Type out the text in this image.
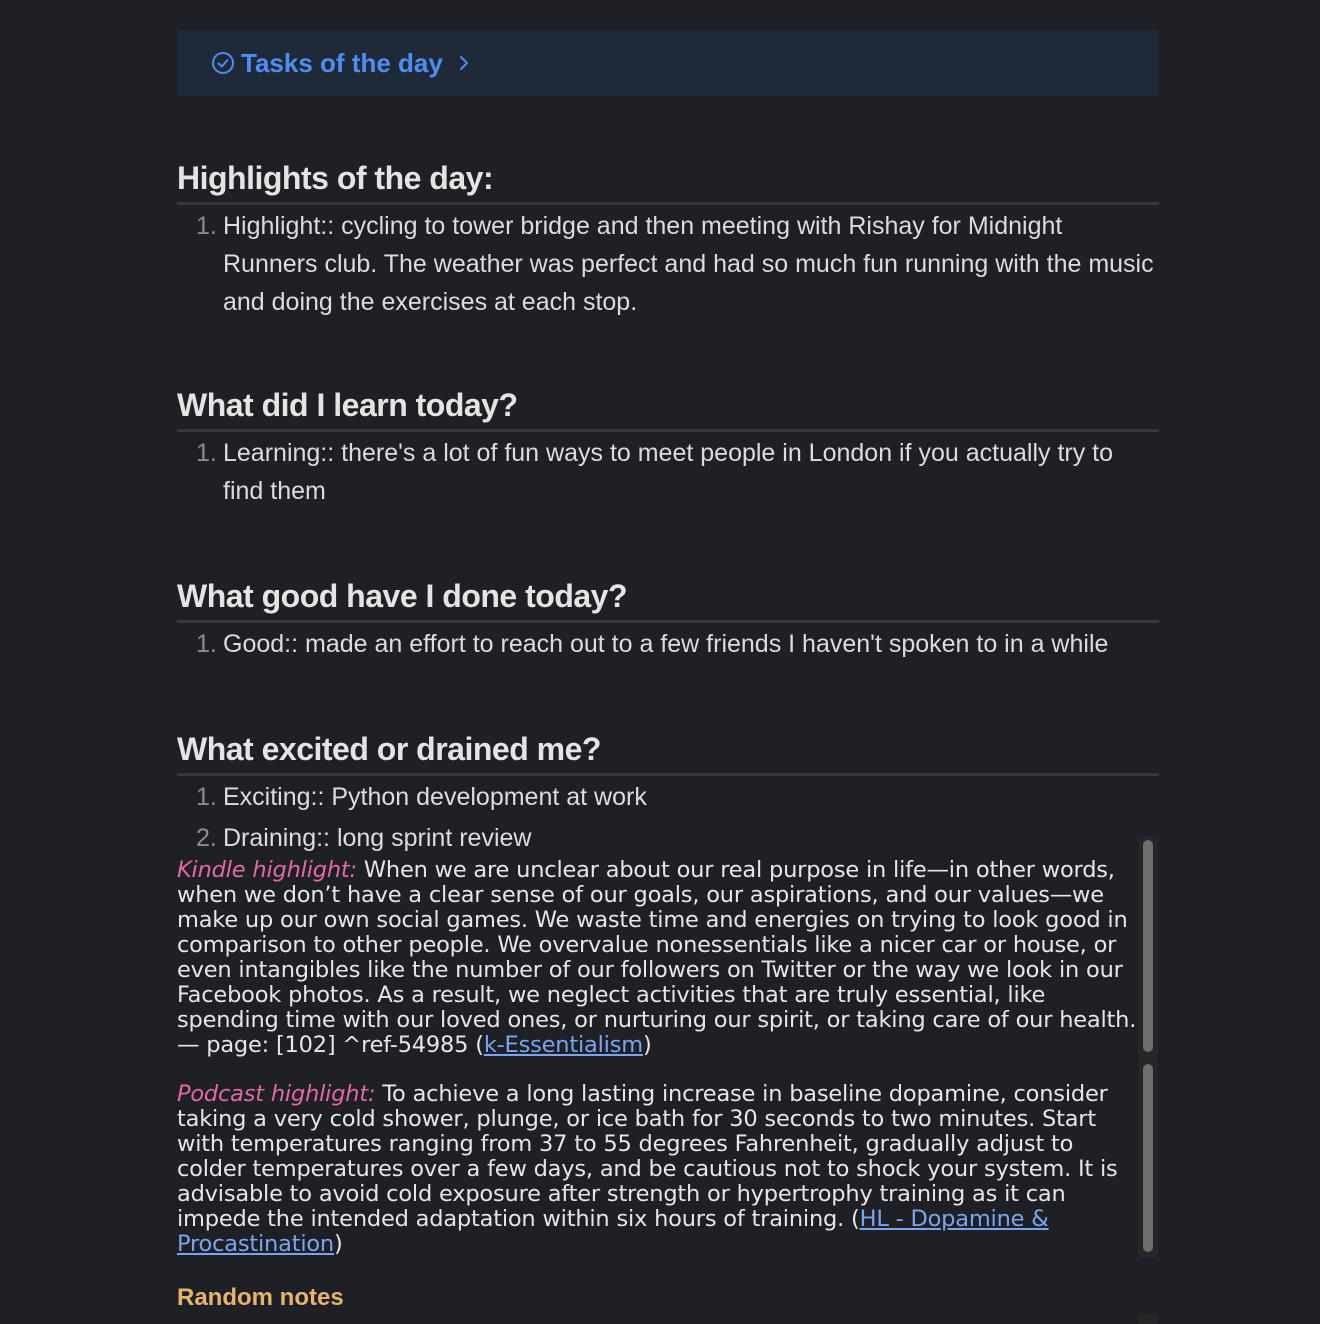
Tasks of the day
Highlights of the day:
1. Highlight:: cycling to tower bridge and then meeting with Rishay for Midnight Runners club. The weather was perfect and had so much fun running with the music and doing the exercises at each stop.
What did I learn today?
1. Learning:: there's a lot of fun ways to meet people in London if you actually try to find them
What good have I done today?
1. Good:: made an effort to reach out to a few friends I haven't spoken to in a while
What excited or drained me?
1. Exciting:: Python development at work
2. Draining:: long sprint review

Kindle highlight: When we are unclear about our real purpose in life—in other words, when we don’t have a clear sense of our goals, our aspirations, and our values—we make up our own social games. We waste time and energies on trying to look good in comparison to other people. We overvalue nonessentials like a nicer car or house, or even intangibles like the number of our followers on Twitter or the way we look in our Facebook photos. As a result, we neglect activities that are truly essential, like spending time with our loved ones, or nurturing our spirit, or taking care of our health. — page: [102] ^ref-54985 (k-Essentialism)

Podcast highlight: To achieve a long lasting increase in baseline dopamine, consider taking a very cold shower, plunge, or ice bath for 30 seconds to two minutes. Start with temperatures ranging from 37 to 55 degrees Fahrenheit, gradually adjust to colder temperatures over a few days, and be cautious not to shock your system. It is advisable to avoid cold exposure after strength or hypertrophy training as it can impede the intended adaptation within six hours of training. (HL - Dopamine & Procastination)

Random notes
